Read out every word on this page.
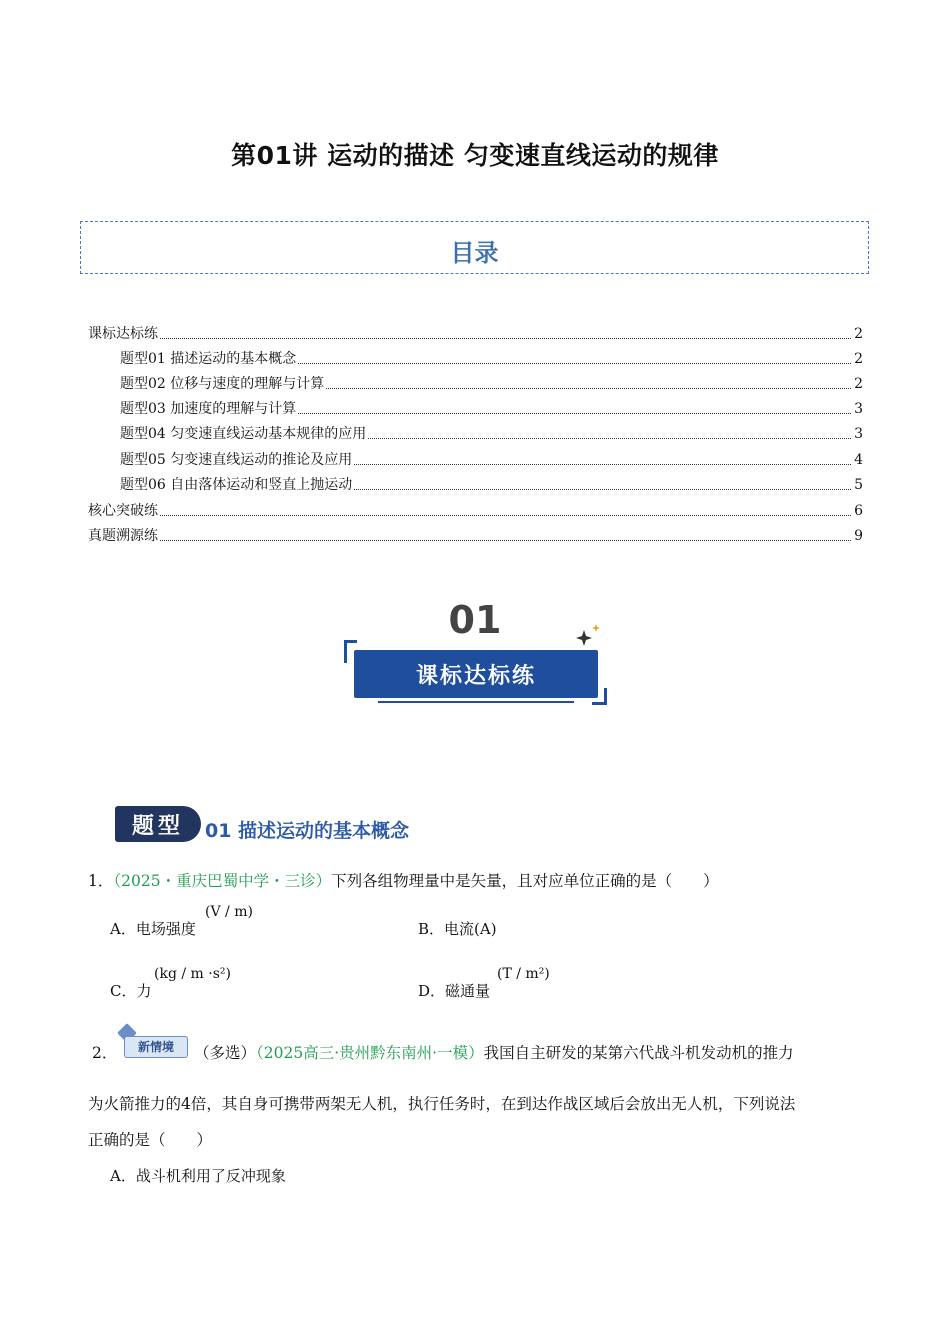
第01讲 运动的描述 匀变速直线运动的规律
目录
课标达标练	2
题型01 描述运动的基本概念	2
题型02 位移与速度的理解与计算	2
题型03 加速度的理解与计算	3
题型04 匀变速直线运动基本规律的应用	3
题型05 匀变速直线运动的推论及应用	4
题型06 自由落体运动和竖直上抛运动	5
核心突破练	6
真题溯源练	9
01
课标达标练
题型	01 描述运动的基本概念
1．（2025・重庆巴蜀中学・三诊）下列各组物理量中是矢量，且对应单位正确的是（　　）
A．电场强度
(V / m)
B．电流(A)
C．力
(kg / m ·s²)
D．磁通量
(T / m²)
2．	新情境	（多选）（2025高三·贵州黔东南州·一模）我国自主研发的某第六代战斗机发动机的推力
为火箭推力的4倍，其自身可携带两架无人机，执行任务时，在到达作战区域后会放出无人机，下列说法
正确的是（　　）
A．战斗机利用了反冲现象
